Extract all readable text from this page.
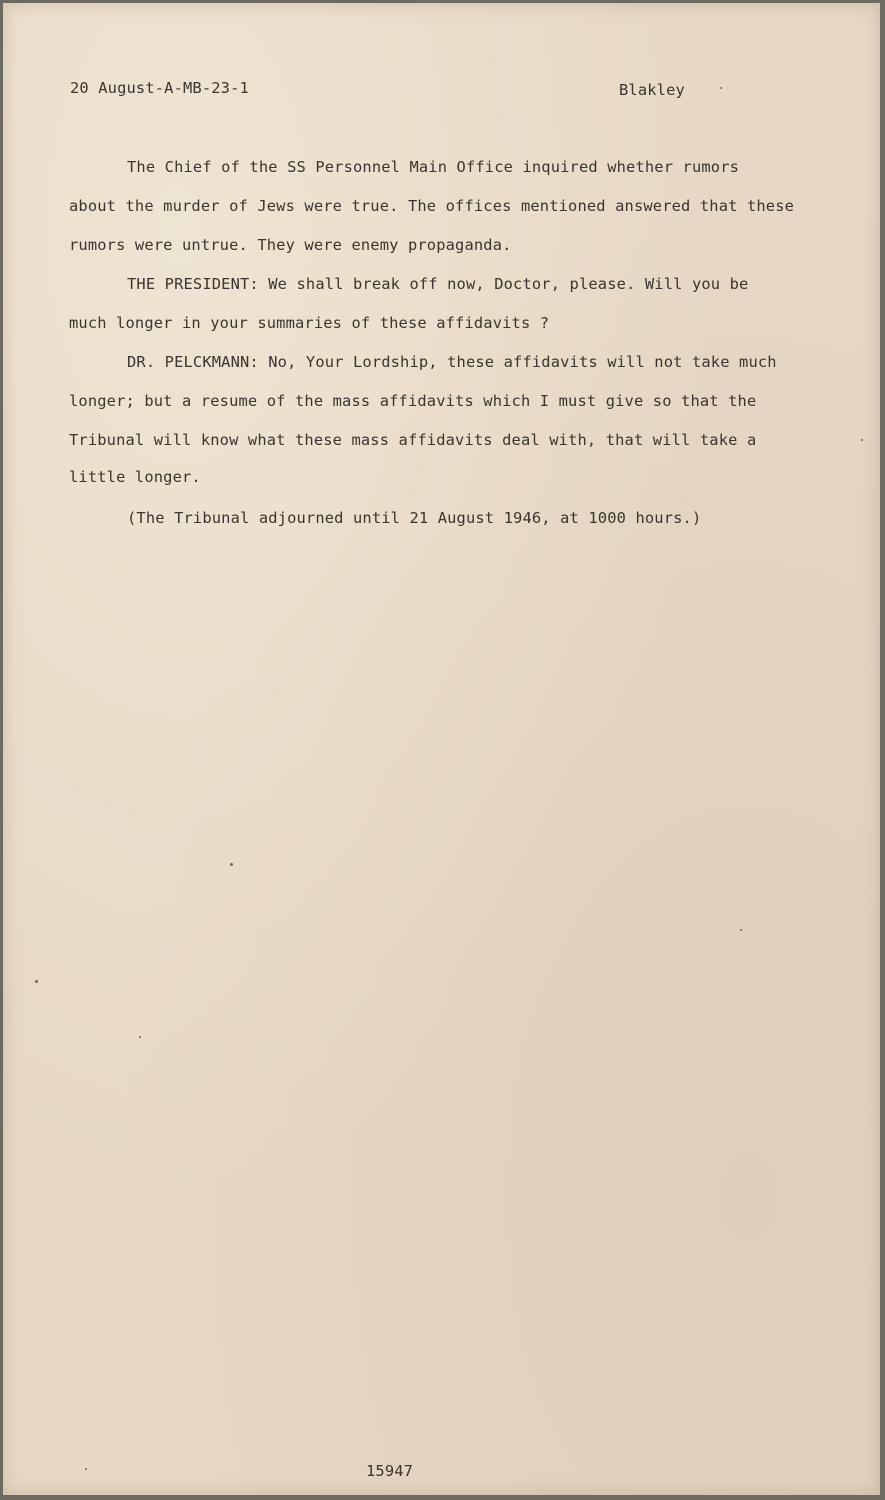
20 August-A-MB-23-1	Blakley
The Chief of the SS Personnel Main Office inquired whether rumors
about the murder of Jews were true. The offices mentioned answered that these
rumors were untrue. They were enemy propaganda.
THE PRESIDENT: We shall break off now, Doctor, please. Will you be
much longer in your summaries of these affidavits ?
DR. PELCKMANN: No, Your Lordship, these affidavits will not take much
longer; but a resume of the mass affidavits which I must give so that the
Tribunal will know what these mass affidavits deal with, that will take a
little longer.
(The Tribunal adjourned until 21 August 1946, at 1000 hours.)
15947
